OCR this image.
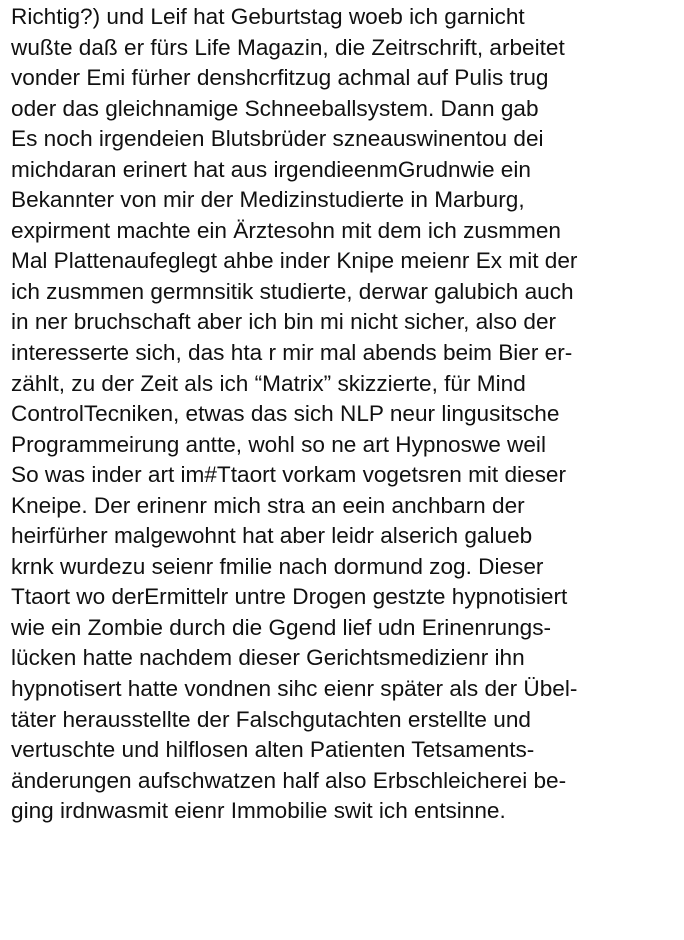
Richtig?) und Leif hat Geburtstag woeb ich garnicht
wußte daß er fürs Life Magazin, die Zeitrschrift, arbeitet
vonder Emi fürher denshcrfitzug achmal auf Pulis trug
oder das gleichnamige Schneeballsystem. Dann gab
Es noch irgendeien Blutsbrüder szneauswinentou dei
michdaran erinert hat aus irgendieenmGrudnwie ein
Bekannter von mir der Medizinstudierte in Marburg,
expirment machte ein Ärztesohn mit dem ich zusmmen
Mal Plattenaufeglegt ahbe inder Knipe meienr Ex mit der
ich zusmmen germnsitik studierte, derwar galubich auch
in ner bruchschaft aber ich bin mi nicht sicher, also der
interesserte sich, das hta r mir mal abends beim Bier er-
zählt, zu der Zeit als ich “Matrix” skizzierte, für Mind
ControlTecniken, etwas das sich NLP neur lingusitsche
Programmeirung antte, wohl so ne art Hypnoswe weil
So was inder art im#Ttaort vorkam vogetsren mit dieser
Kneipe. Der erinenr mich stra an eein anchbarn der
heirfürher malgewohnt hat aber leidr alserich galueb
krnk wurdezu seienr fmilie nach dormund zog. Dieser
Ttaort wo derErmittelr untre Drogen gestzte hypnotisiert
wie ein Zombie durch die Ggend lief udn Erinenrungs-
lücken hatte nachdem dieser Gerichtsmedizienr ihn
hypnotisert hatte vondnen sihc eienr später als der Übel-
täter herausstellte der Falschgutachten erstellte und
vertuschte und hilflosen alten Patienten Tetsaments-
änderungen aufschwatzen half also Erbschleicherei be-
ging irdnwasmit eienr Immobilie swit ich entsinne.
